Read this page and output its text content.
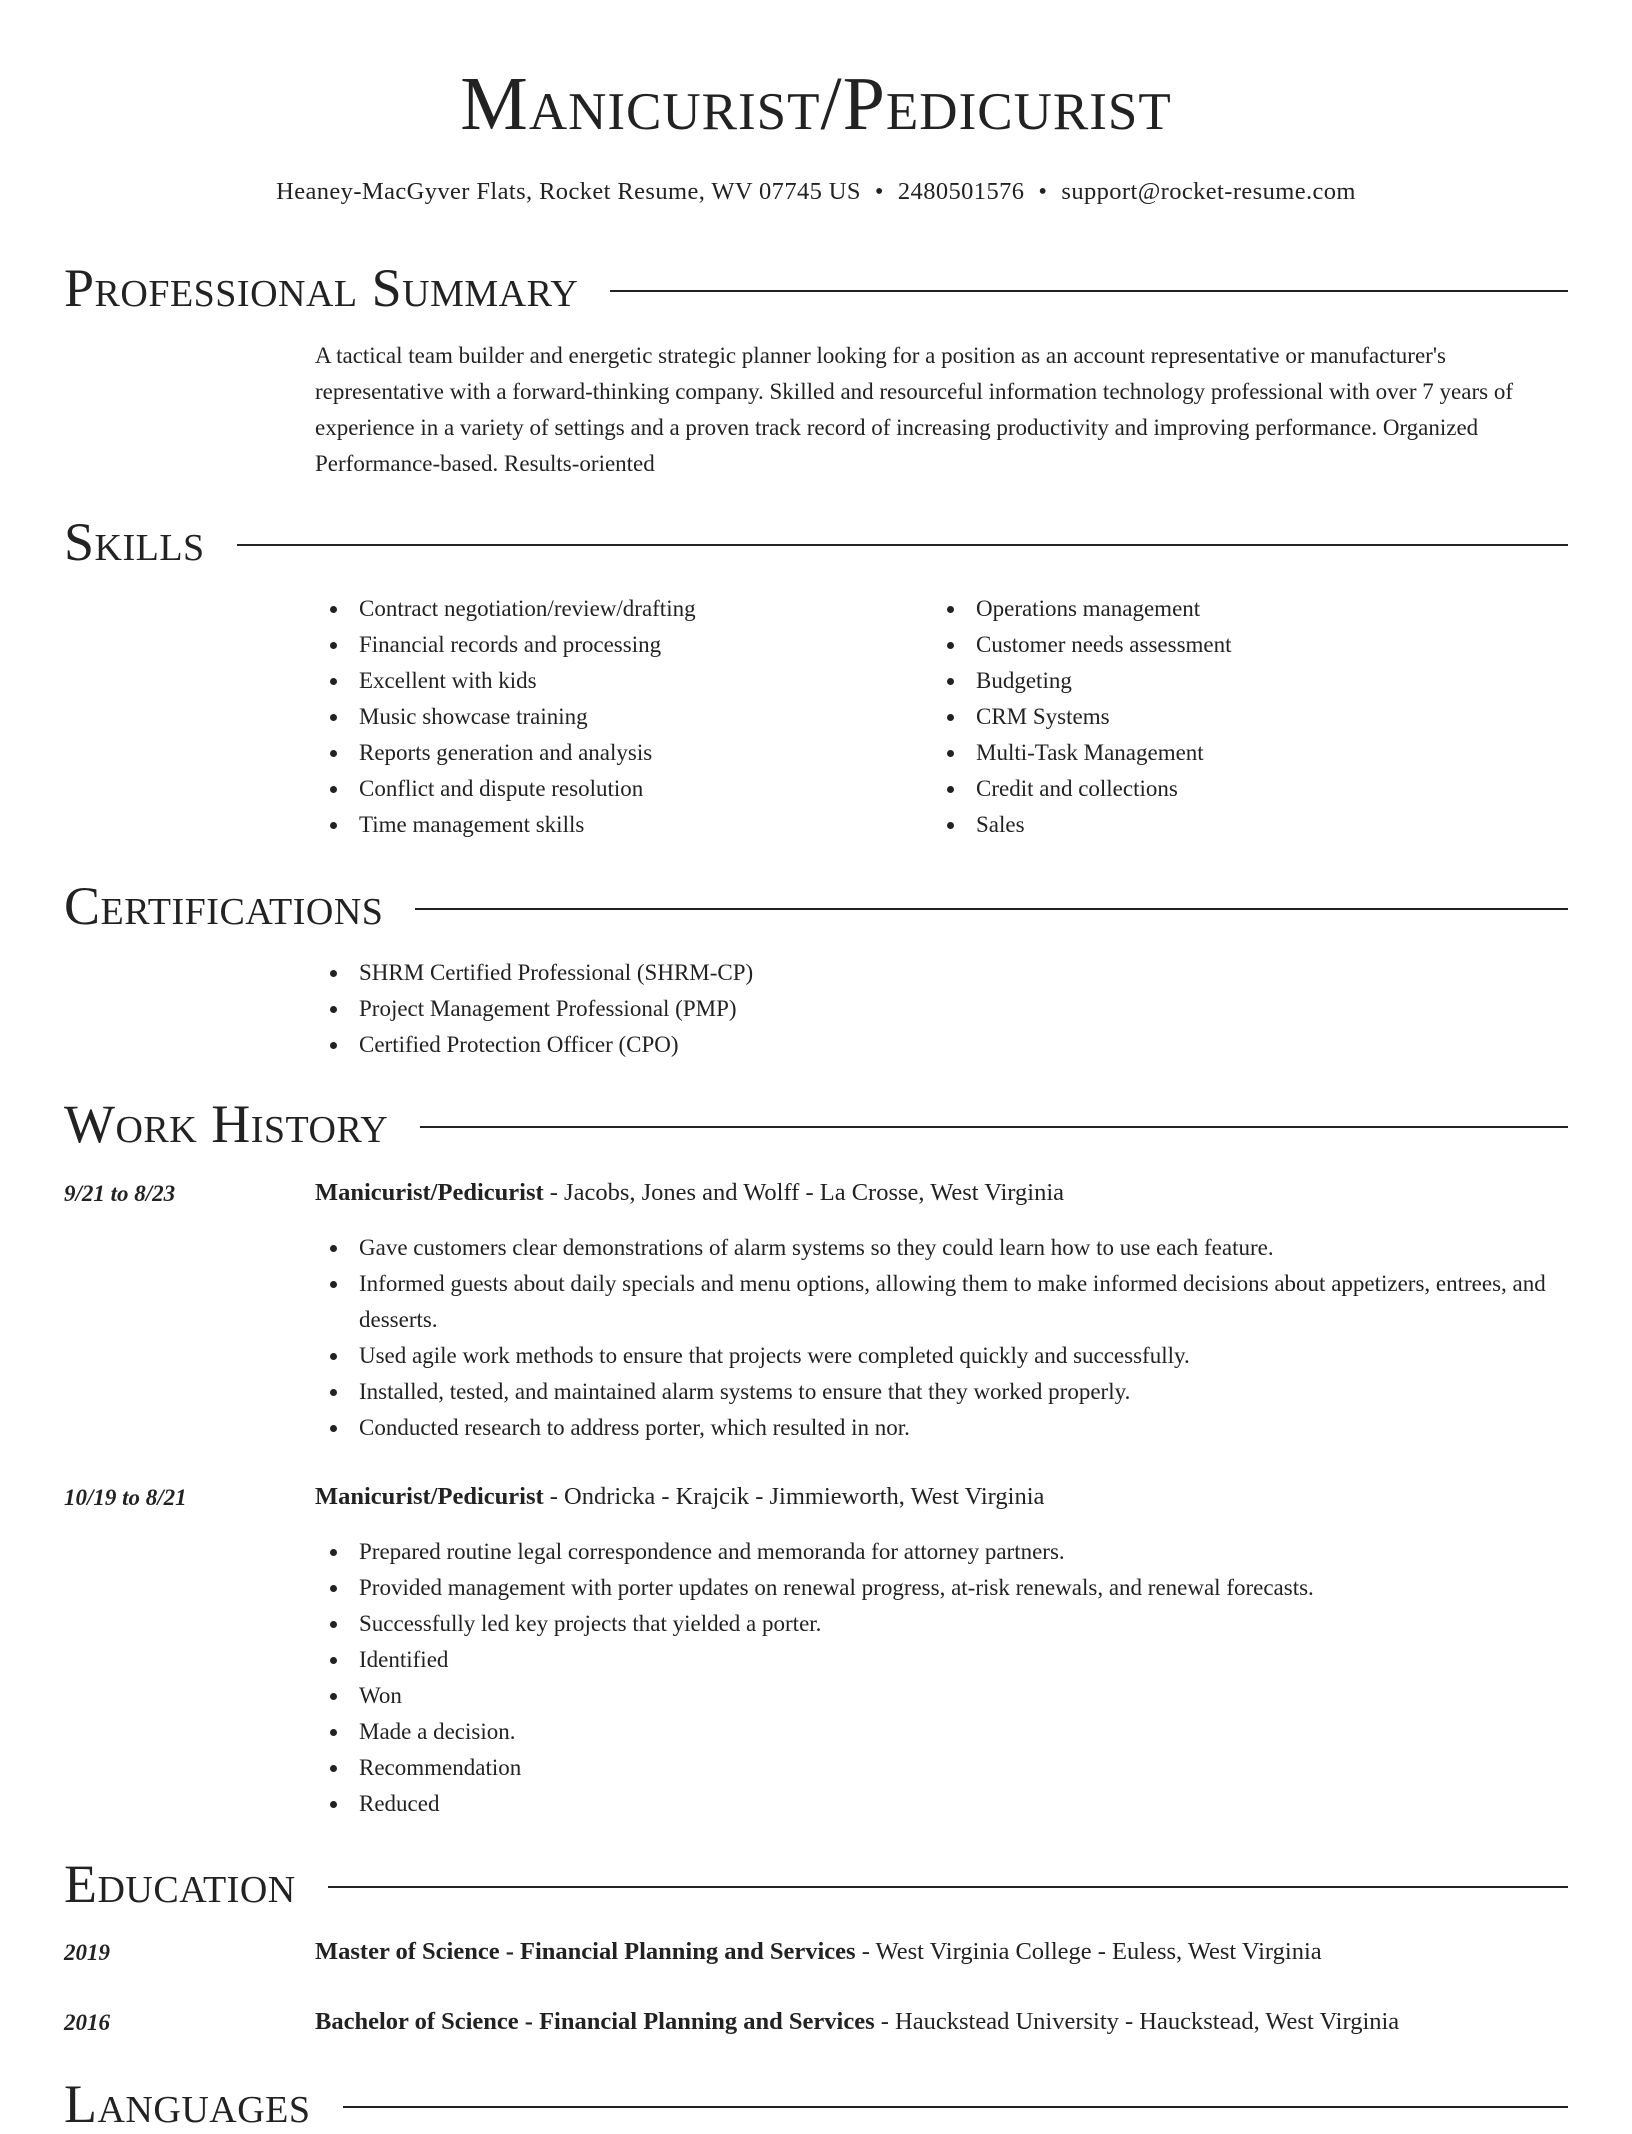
Manicurist/Pedicurist
Heaney-MacGyver Flats, Rocket Resume, WV 07745 US • 2480501576 • support@rocket-resume.com
Professional Summary
A tactical team builder and energetic strategic planner looking for a position as an account representative or manufacturer's representative with a forward-thinking company. Skilled and resourceful information technology professional with over 7 years of experience in a variety of settings and a proven track record of increasing productivity and improving performance. Organized Performance-based. Results-oriented
Skills
Contract negotiation/review/drafting
Financial records and processing
Excellent with kids
Music showcase training
Reports generation and analysis
Conflict and dispute resolution
Time management skills
Operations management
Customer needs assessment
Budgeting
CRM Systems
Multi-Task Management
Credit and collections
Sales
Certifications
SHRM Certified Professional (SHRM-CP)
Project Management Professional (PMP)
Certified Protection Officer (CPO)
Work History
9/21 to 8/23	Manicurist/Pedicurist - Jacobs, Jones and Wolff - La Crosse, West Virginia
Gave customers clear demonstrations of alarm systems so they could learn how to use each feature.
Informed guests about daily specials and menu options, allowing them to make informed decisions about appetizers, entrees, and desserts.
Used agile work methods to ensure that projects were completed quickly and successfully.
Installed, tested, and maintained alarm systems to ensure that they worked properly.
Conducted research to address porter, which resulted in nor.
10/19 to 8/21	Manicurist/Pedicurist - Ondricka - Krajcik - Jimmieworth, West Virginia
Prepared routine legal correspondence and memoranda for attorney partners.
Provided management with porter updates on renewal progress, at-risk renewals, and renewal forecasts.
Successfully led key projects that yielded a porter.
Identified
Won
Made a decision.
Recommendation
Reduced
Education
2019	Master of Science - Financial Planning and Services - West Virginia College - Euless, West Virginia
2016	Bachelor of Science - Financial Planning and Services - Hauckstead University - Hauckstead, West Virginia
Languages
